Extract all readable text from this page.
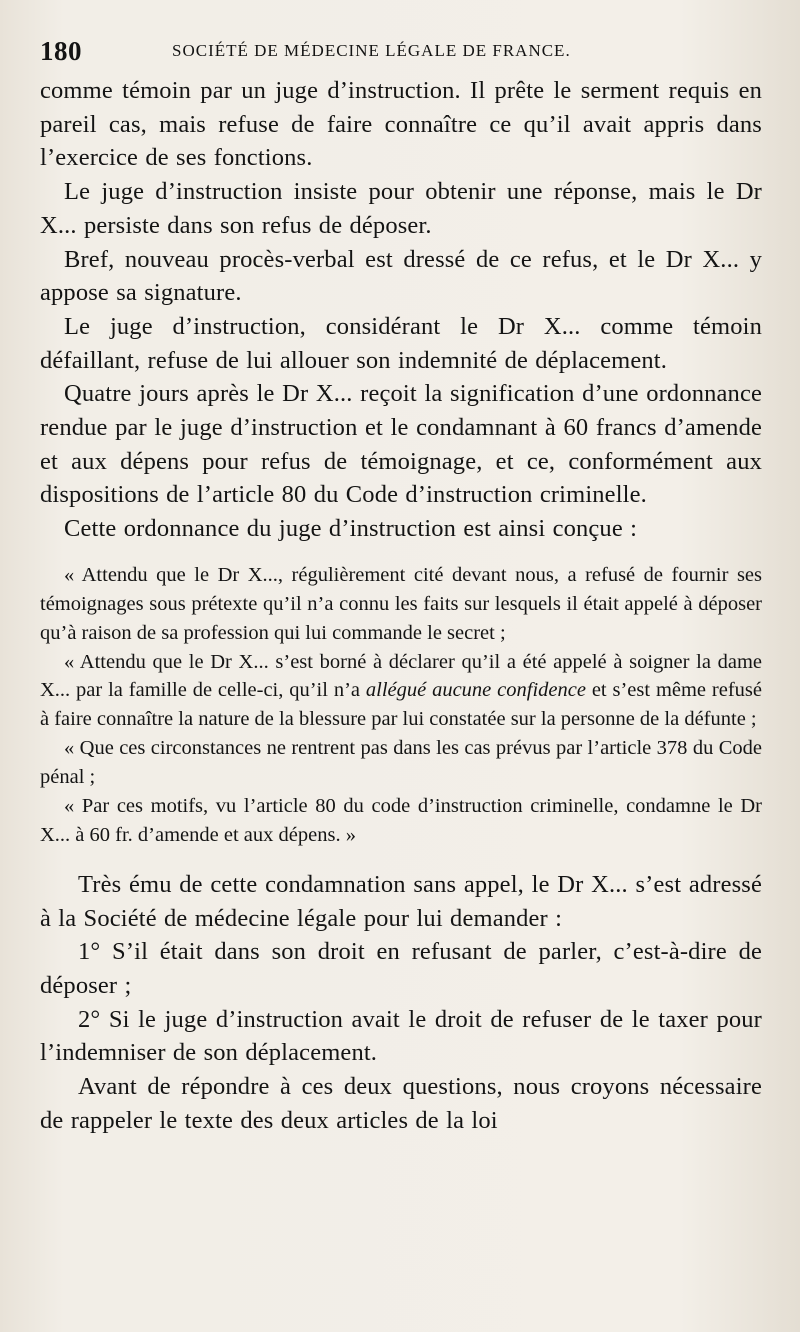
180	SOCIÉTÉ DE MÉDECINE LÉGALE DE FRANCE.

comme témoin par un juge d’instruction. Il prête le serment requis en pareil cas, mais refuse de faire connaître ce qu’il avait appris dans l’exercice de ses fonctions.

Le juge d’instruction insiste pour obtenir une réponse, mais le Dr X... persiste dans son refus de déposer.

Bref, nouveau procès-verbal est dressé de ce refus, et le Dr X... y appose sa signature.

Le juge d’instruction, considérant le Dr X... comme témoin défaillant, refuse de lui allouer son indemnité de déplacement.

Quatre jours après le Dr X... reçoit la signification d’une ordonnance rendue par le juge d’instruction et le condamnant à 60 francs d’amende et aux dépens pour refus de témoignage, et ce, conformément aux dispositions de l’article 80 du Code d’instruction criminelle.

Cette ordonnance du juge d’instruction est ainsi conçue :

« Attendu que le Dr X..., régulièrement cité devant nous, a refusé de fournir ses témoignages sous prétexte qu’il n’a connu les faits sur lesquels il était appelé à déposer qu’à raison de sa profession qui lui commande le secret ;

« Attendu que le Dr X... s’est borné à déclarer qu’il a été appelé à soigner la dame X... par la famille de celle-ci, qu’il n’a allégué aucune confidence et s’est même refusé à faire connaître la nature de la blessure par lui constatée sur la personne de la défunte ;

« Que ces circonstances ne rentrent pas dans les cas prévus par l’article 378 du Code pénal ;

« Par ces motifs, vu l’article 80 du code d’instruction criminelle, condamne le Dr X... à 60 fr. d’amende et aux dépens. »

Très ému de cette condamnation sans appel, le Dr X... s’est adressé à la Société de médecine légale pour lui demander :

1° S’il était dans son droit en refusant de parler, c’est-à-dire de déposer ;

2° Si le juge d’instruction avait le droit de refuser de le taxer pour l’indemniser de son déplacement.

Avant de répondre à ces deux questions, nous croyons nécessaire de rappeler le texte des deux articles de la loi
